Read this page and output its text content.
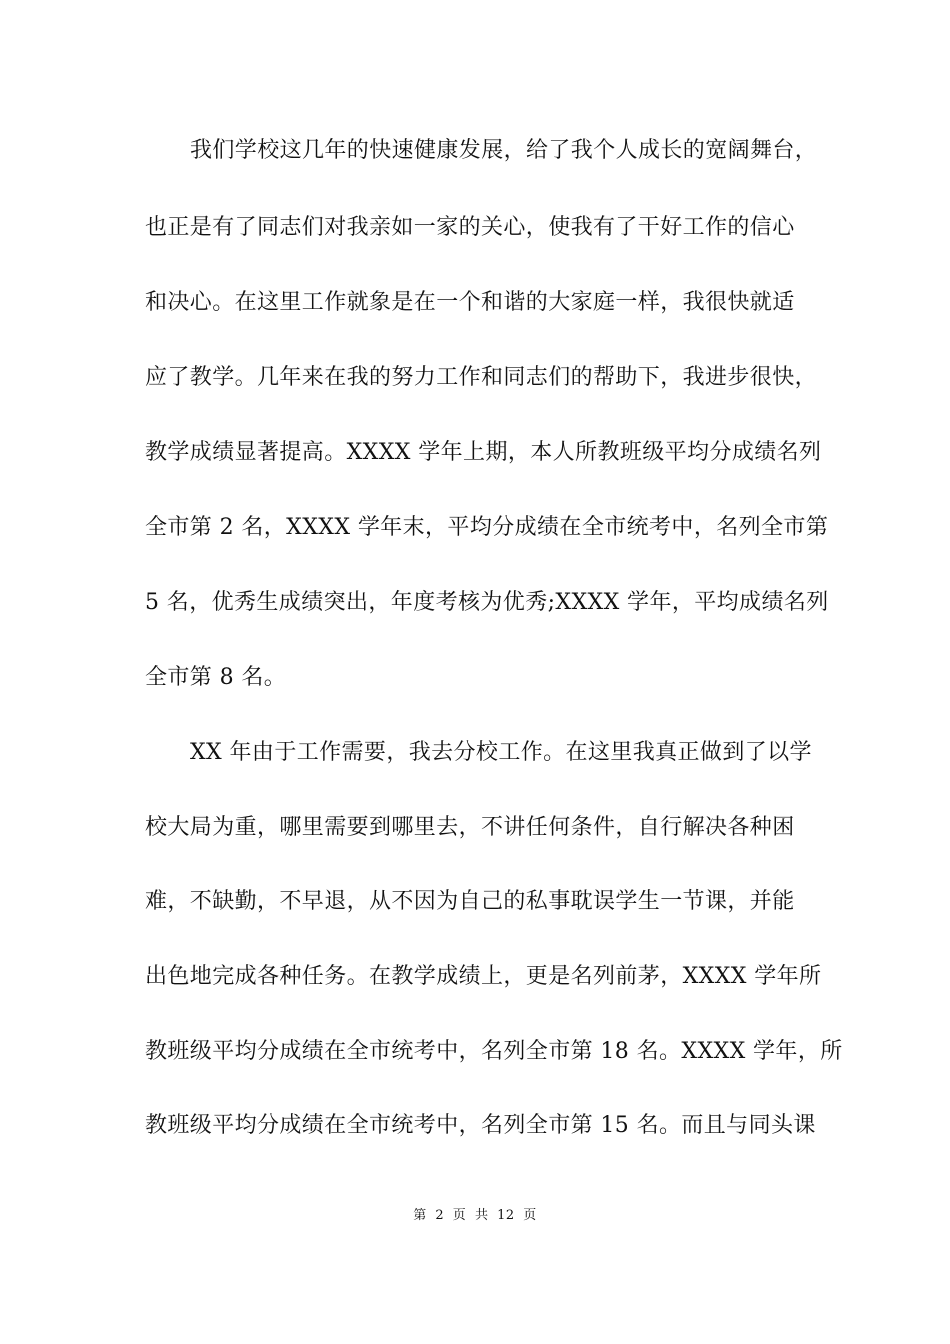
我们学校这几年的快速健康发展，给了我个人成长的宽阔舞台，
也正是有了同志们对我亲如一家的关心，使我有了干好工作的信心
和决心。在这里工作就象是在一个和谐的大家庭一样，我很快就适
应了教学。几年来在我的努力工作和同志们的帮助下，我进步很快，
教学成绩显著提高。XXXX 学年上期，本人所教班级平均分成绩名列
全市第 2 名，XXXX 学年末，平均分成绩在全市统考中，名列全市第
5 名，优秀生成绩突出，年度考核为优秀;XXXX 学年，平均成绩名列
全市第 8 名。
XX 年由于工作需要，我去分校工作。在这里我真正做到了以学
校大局为重，哪里需要到哪里去，不讲任何条件，自行解决各种困
难，不缺勤，不早退，从不因为自己的私事耽误学生一节课，并能
出色地完成各种任务。在教学成绩上，更是名列前茅，XXXX 学年所
教班级平均分成绩在全市统考中，名列全市第 18 名。XXXX 学年，所
教班级平均分成绩在全市统考中，名列全市第 15 名。而且与同头课
第 2 页 共 12 页
